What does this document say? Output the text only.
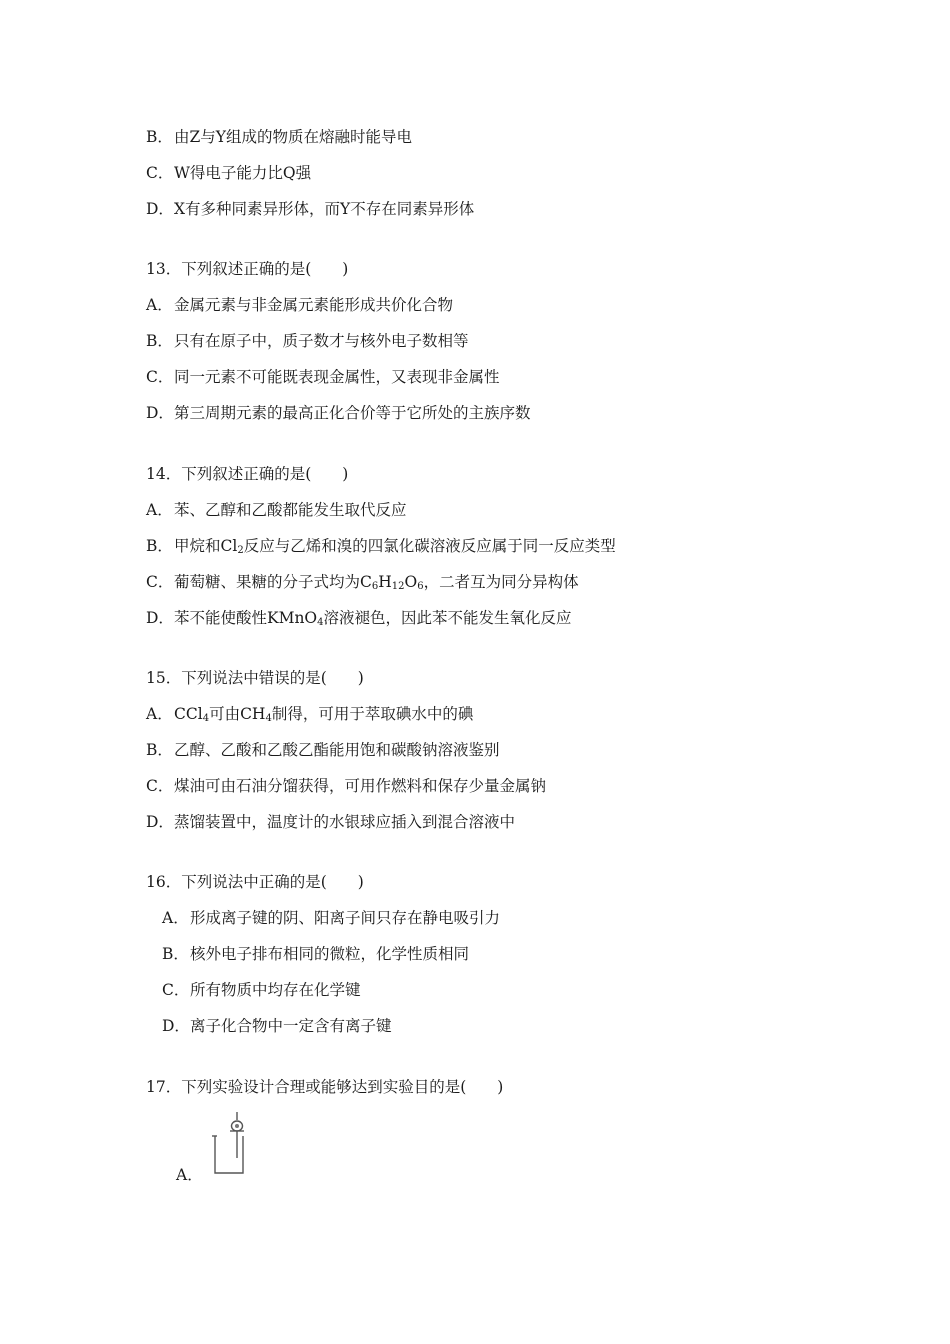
B．由Z与Y组成的物质在熔融时能导电
C．W得电子能力比Q强
D．X有多种同素异形体，而Y不存在同素异形体
13．下列叙述正确的是(　　)
A．金属元素与非金属元素能形成共价化合物
B．只有在原子中，质子数才与核外电子数相等
C．同一元素不可能既表现金属性，又表现非金属性
D．第三周期元素的最高正化合价等于它所处的主族序数
14．下列叙述正确的是(　　)
A．苯、乙醇和乙酸都能发生取代反应
B．甲烷和$Cl_2$反应与乙烯和溴的四氯化碳溶液反应属于同一反应类型
C．葡萄糖、果糖的分子式均为$C_6H_{12}O_6$，二者互为同分异构体
D．苯不能使酸性KMnO$_4$溶液褪色，因此苯不能发生氧化反应
15．下列说法中错误的是(　　)
A．CCl$_4$可由$CH_4$制得，可用于萃取碘水中的碘
B．乙醇、乙酸和乙酸乙酯能用饱和碳酸钠溶液鉴别
C．煤油可由石油分馏获得，可用作燃料和保存少量金属钠
D．蒸馏装置中，温度计的水银球应插入到混合溶液中
16．下列说法中正确的是(　　)
A．形成离子键的阴、阳离子间只存在静电吸引力
B．核外电子排布相同的微粒，化学性质相同
C．所有物质中均存在化学键
D．离子化合物中一定含有离子键
17．下列实验设计合理或能够达到实验目的是(　　)
A．
